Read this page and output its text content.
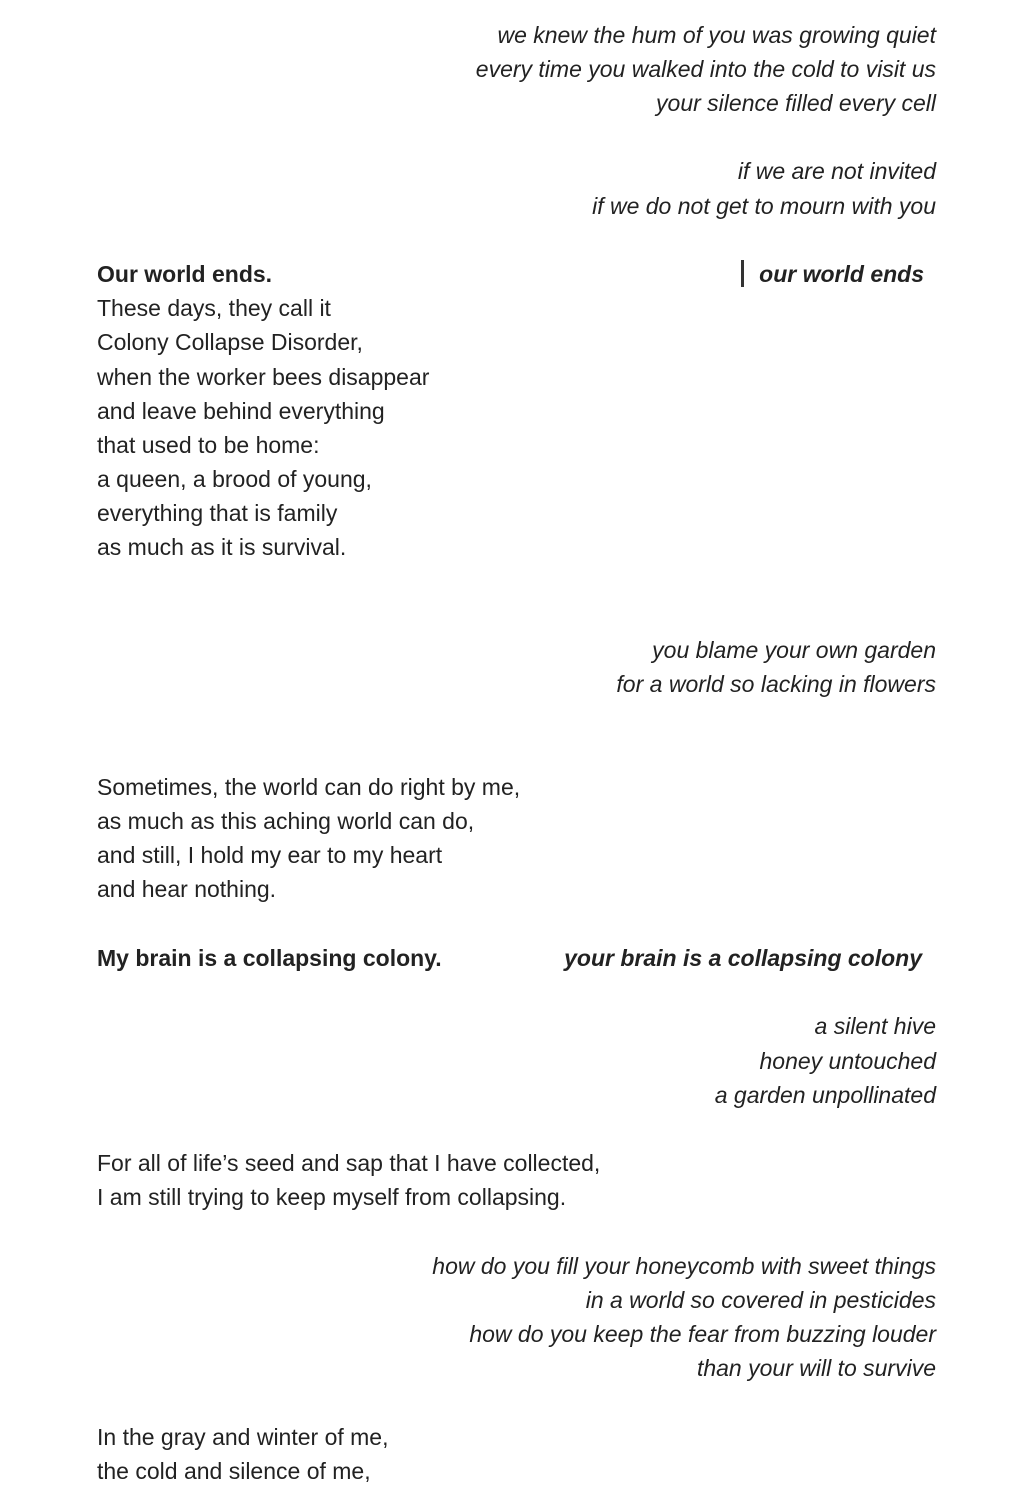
we knew the hum of you was growing quiet
every time you walked into the cold to visit us
your silence filled every cell
if we are not invited
if we do not get to mourn with you
Our world ends.	our world ends
These days, they call it
Colony Collapse Disorder,
when the worker bees disappear
and leave behind everything
that used to be home:
a queen, a brood of young,
everything that is family
as much as it is survival.
you blame your own garden
for a world so lacking in flowers
Sometimes, the world can do right by me,
as much as this aching world can do,
and still, I hold my ear to my heart
and hear nothing.
My brain is a collapsing colony.	your brain is a collapsing colony
a silent hive
honey untouched
a garden unpollinated
For all of life’s seed and sap that I have collected,
I am still trying to keep myself from collapsing.
how do you fill your honeycomb with sweet things
in a world so covered in pesticides
how do you keep the fear from buzzing louder
than your will to survive
In the gray and winter of me,
the cold and silence of me,
